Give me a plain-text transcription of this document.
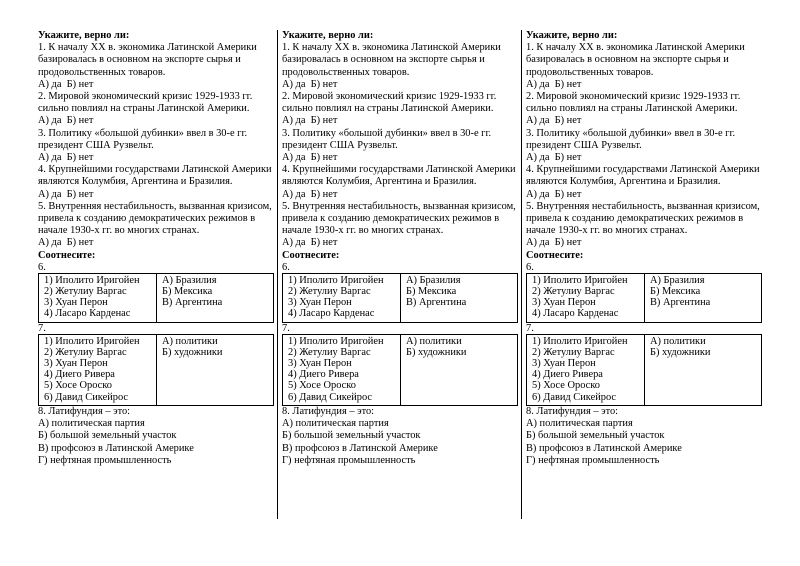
Укажите, верно ли:

1. К началу XX в. экономика Латинской Америки базировалась в основном на экспорте сырья и продовольственных товаров.

А) да  Б) нет

2. Мировой экономический кризис 1929-1933 гг. сильно повлиял на страны Латинской Америки.

А) да  Б) нет

3. Политику «большой дубинки» ввел в 30-е гг. президент США Рузвельт.

А) да  Б) нет

4. Крупнейшими государствами Латинской Америки являются Колумбия, Аргентина и Бразилия.

А) да  Б) нет

5. Внутренняя нестабильность, вызванная кризисом, привела к созданию демократических режимов в начале 1930-х гг. во многих странах.

А) да  Б) нет

Соотнесите:

6.

1) Иполито Иригойен
2) Жетулиу Варгас
3) Хуан Перон
4) Ласаро Карденас

А) Бразилия
Б) Мексика
В) Аргентина

7.

1) Иполито Иригойен
2) Жетулиу Варгас
3) Хуан Перон
4) Диего Ривера
5) Хосе Ороско
6) Давид Сикейрос

А) политики
Б) художники

8. Латифундия – это:

А) политическая партия

Б) большой земельный участок

В) профсоюз в Латинской Америке

Г) нефтяная промышленность

Укажите, верно ли:

1. К началу XX в. экономика Латинской Америки базировалась в основном на экспорте сырья и продовольственных товаров.

А) да  Б) нет

2. Мировой экономический кризис 1929-1933 гг. сильно повлиял на страны Латинской Америки.

А) да  Б) нет

3. Политику «большой дубинки» ввел в 30-е гг. президент США Рузвельт.

А) да  Б) нет

4. Крупнейшими государствами Латинской Америки являются Колумбия, Аргентина и Бразилия.

А) да  Б) нет

5. Внутренняя нестабильность, вызванная кризисом, привела к созданию демократических режимов в начале 1930-х гг. во многих странах.

А) да  Б) нет

Соотнесите:

6.

1) Иполито Иригойен
2) Жетулиу Варгас
3) Хуан Перон
4) Ласаро Карденас

А) Бразилия
Б) Мексика
В) Аргентина

7.

1) Иполито Иригойен
2) Жетулиу Варгас
3) Хуан Перон
4) Диего Ривера
5) Хосе Ороско
6) Давид Сикейрос

А) политики
Б) художники

8. Латифундия – это:

А) политическая партия

Б) большой земельный участок

В) профсоюз в Латинской Америке

Г) нефтяная промышленность

Укажите, верно ли:

1. К началу XX в. экономика Латинской Америки базировалась в основном на экспорте сырья и продовольственных товаров.

А) да  Б) нет

2. Мировой экономический кризис 1929-1933 гг. сильно повлиял на страны Латинской Америки.

А) да  Б) нет

3. Политику «большой дубинки» ввел в 30-е гг. президент США Рузвельт.

А) да  Б) нет

4. Крупнейшими государствами Латинской Америки являются Колумбия, Аргентина и Бразилия.

А) да  Б) нет

5. Внутренняя нестабильность, вызванная кризисом, привела к созданию демократических режимов в начале 1930-х гг. во многих странах.

А) да  Б) нет

Соотнесите:

6.

1) Иполито Иригойен
2) Жетулиу Варгас
3) Хуан Перон
4) Ласаро Карденас

А) Бразилия
Б) Мексика
В) Аргентина

7.

1) Иполито Иригойен
2) Жетулиу Варгас
3) Хуан Перон
4) Диего Ривера
5) Хосе Ороско
6) Давид Сикейрос

А) политики
Б) художники

8. Латифундия – это:

А) политическая партия

Б) большой земельный участок

В) профсоюз в Латинской Америке

Г) нефтяная промышленность
